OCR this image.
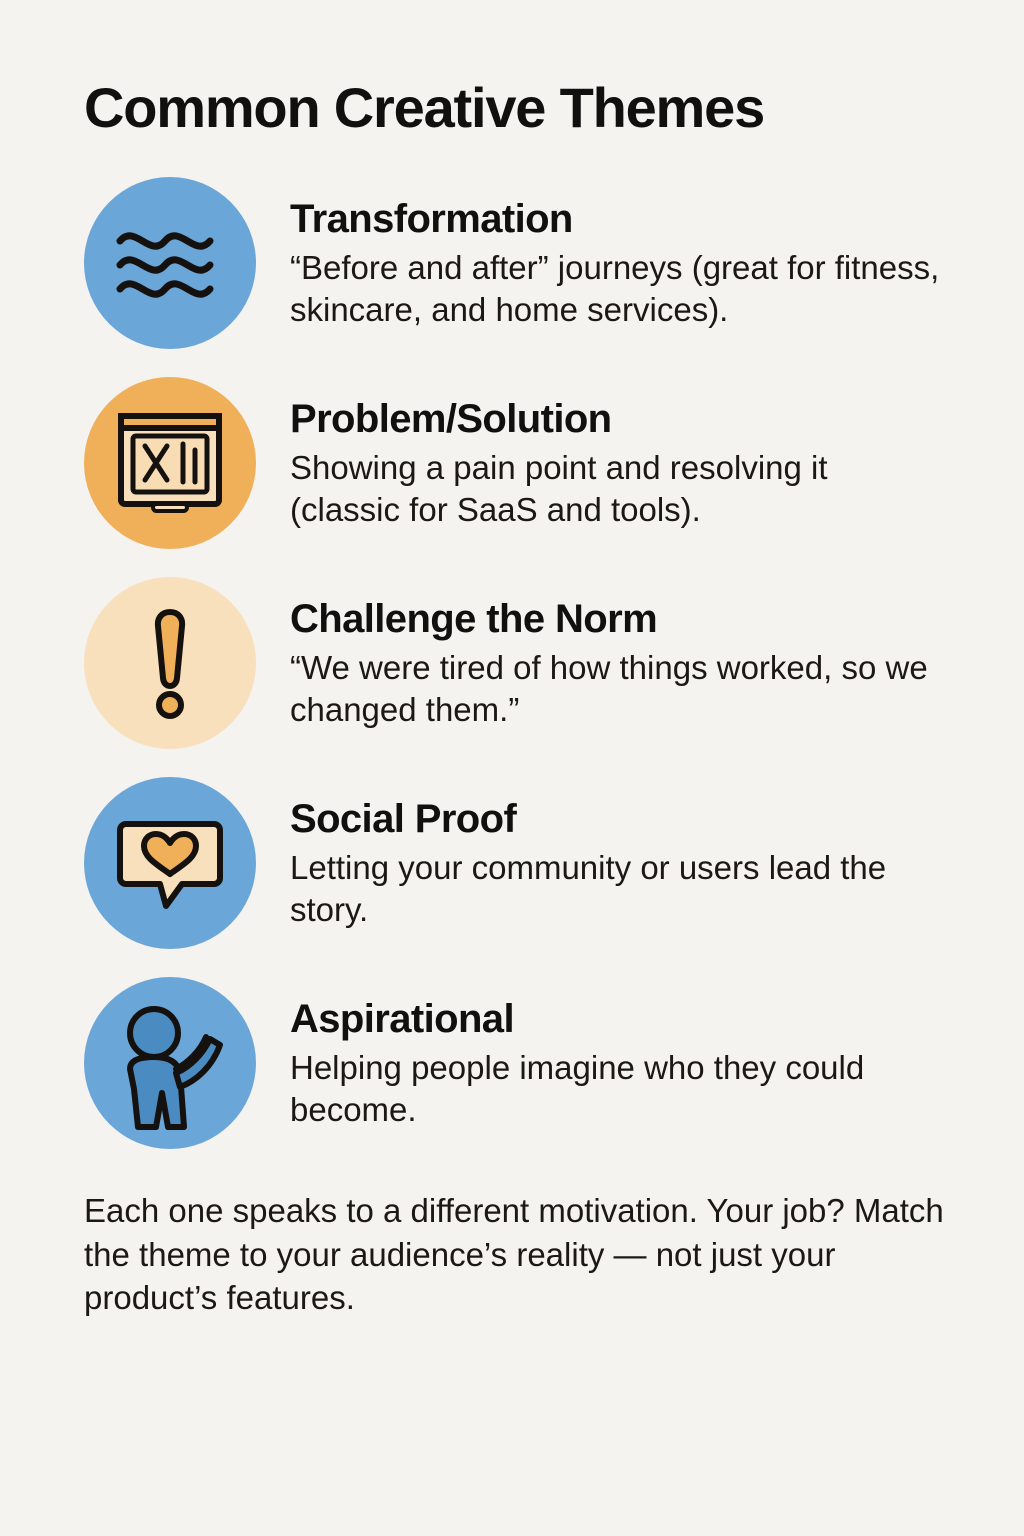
Common Creative Themes
Transformation

“Before and after” journeys (great for fitness, skincare, and home services).

Problem/Solution

Showing a pain point and resolving it (classic for SaaS and tools).

Challenge the Norm

“We were tired of how things worked, so we changed them.”

Social Proof

Letting your community or users lead the story.

Aspirational

Helping people imagine who they could become.

Each one speaks to a different motivation. Your job? Match the theme to your audience’s reality — not just your product’s features.
